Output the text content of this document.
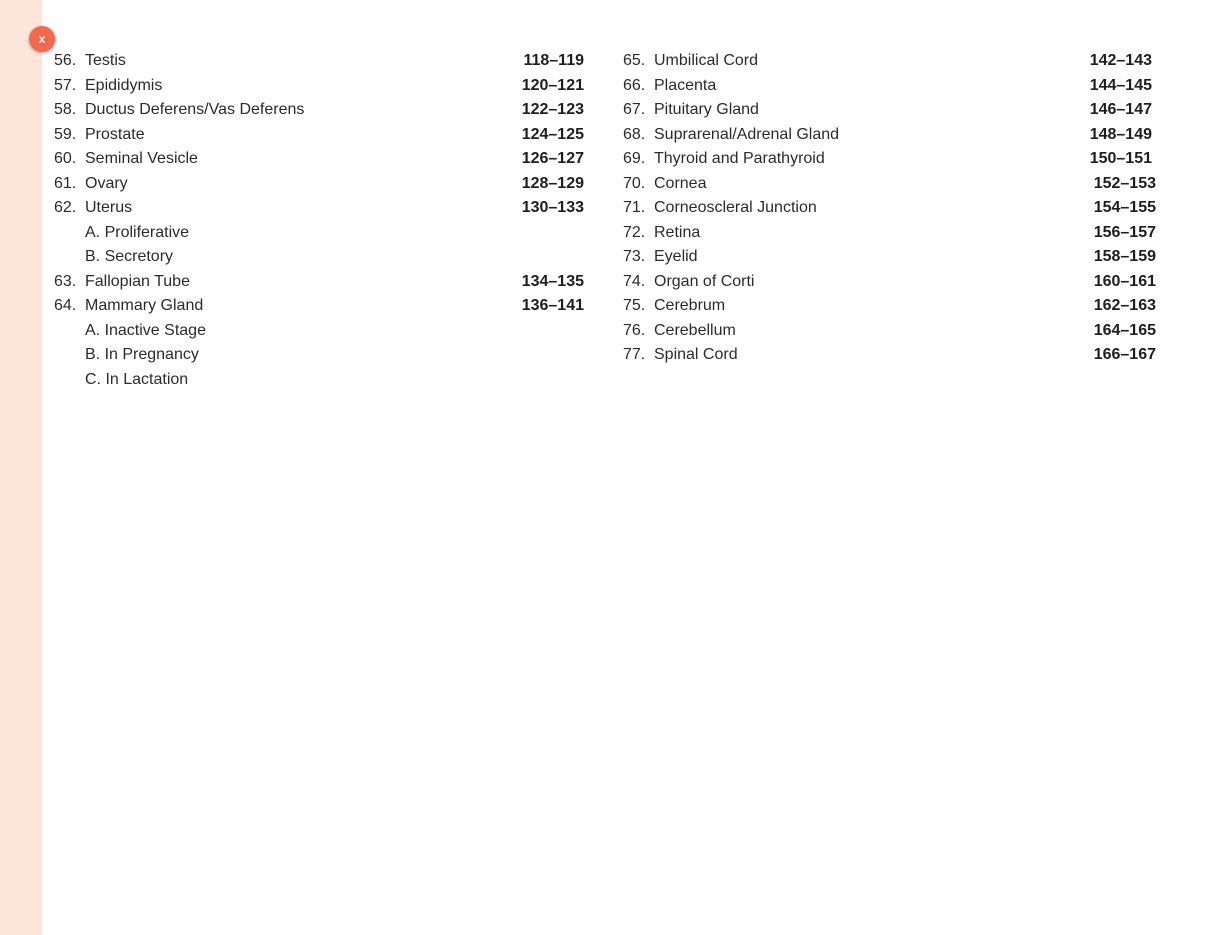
x
56. Testis	118–119
57. Epididymis	120–121
58. Ductus Deferens/Vas Deferens	122–123
59. Prostate	124–125
60. Seminal Vesicle	126–127
61. Ovary	128–129
62. Uterus	130–133
A. Proliferative
B. Secretory
63. Fallopian Tube	134–135
64. Mammary Gland	136–141
A. Inactive Stage
B. In Pregnancy
C. In Lactation
65. Umbilical Cord	142–143
66. Placenta	144–145
67. Pituitary Gland	146–147
68. Suprarenal/Adrenal Gland	148–149
69. Thyroid and Parathyroid	150–151
70. Cornea	152–153
71. Corneoscleral Junction	154–155
72. Retina	156–157
73. Eyelid	158–159
74. Organ of Corti	160–161
75. Cerebrum	162–163
76. Cerebellum	164–165
77. Spinal Cord	166–167
